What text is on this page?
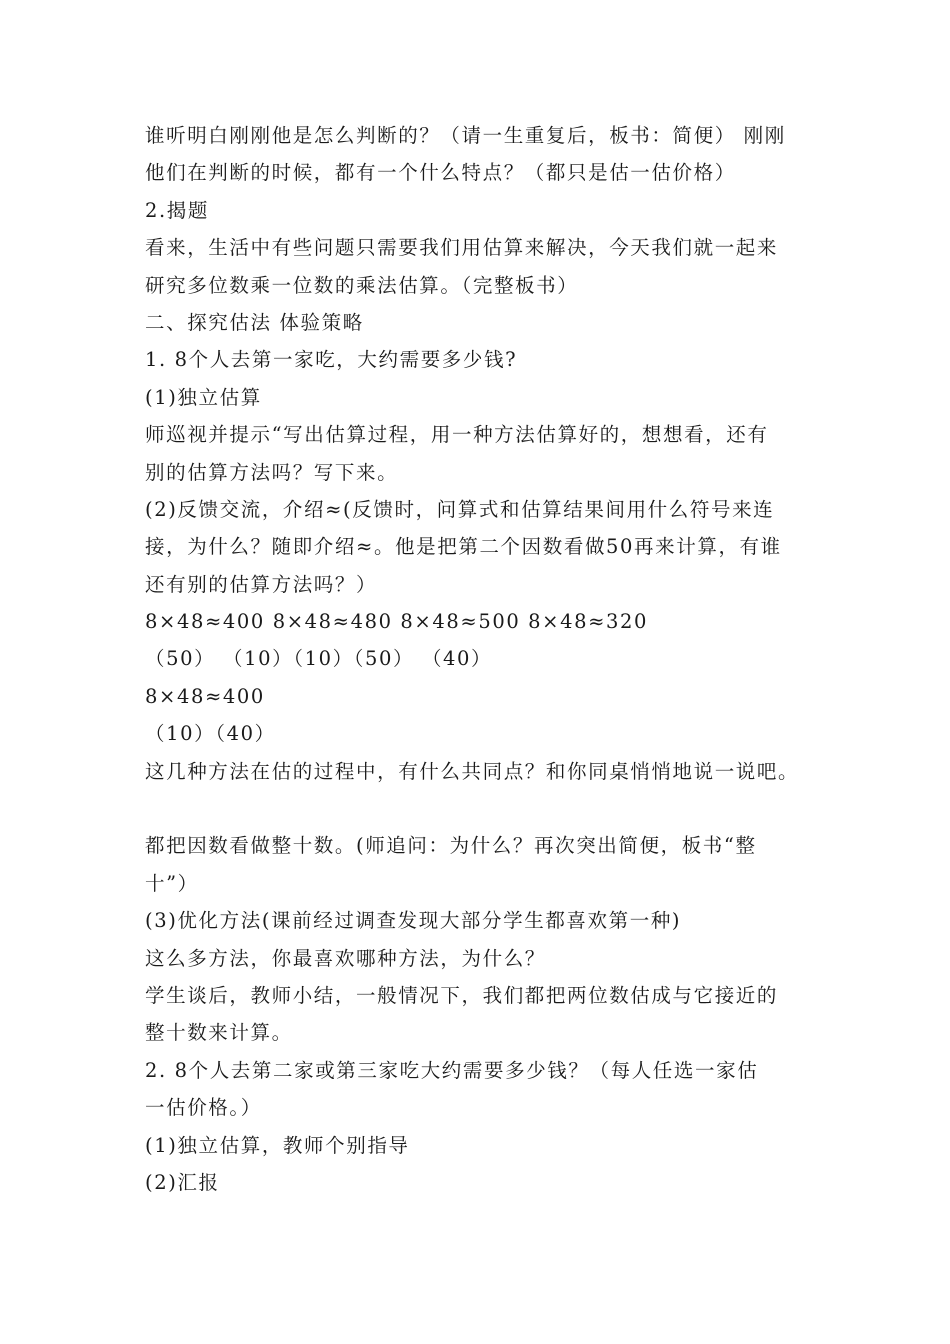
谁听明白刚刚他是怎么判断的？（请一生重复后，板书：简便） 刚刚
他们在判断的时候，都有一个什么特点？（都只是估一估价格）
2.揭题
看来，生活中有些问题只需要我们用估算来解决，今天我们就一起来
研究多位数乘一位数的乘法估算。（完整板书）
二、探究估法 体验策略
1. 8个人去第一家吃，大约需要多少钱?
(1)独立估算
师巡视并提示“写出估算过程，用一种方法估算好的，想想看，还有
别的估算方法吗？写下来。
(2)反馈交流，介绍≈(反馈时，问算式和估算结果间用什么符号来连
接，为什么？随即介绍≈。他是把第二个因数看做50再来计算，有谁
还有别的估算方法吗？）
8×48≈400 8×48≈480 8×48≈500 8×48≈320
（50） （10）（10）（50） （40）
8×48≈400
（10）（40）
这几种方法在估的过程中，有什么共同点？和你同桌悄悄地说一说吧。
都把因数看做整十数。(师追问：为什么？再次突出简便，板书“整
十”）
(3)优化方法(课前经过调查发现大部分学生都喜欢第一种)
这么多方法，你最喜欢哪种方法，为什么？
学生谈后，教师小结，一般情况下，我们都把两位数估成与它接近的
整十数来计算。
2. 8个人去第二家或第三家吃大约需要多少钱？（每人任选一家估
一估价格。）
(1)独立估算，教师个别指导
(2)汇报
